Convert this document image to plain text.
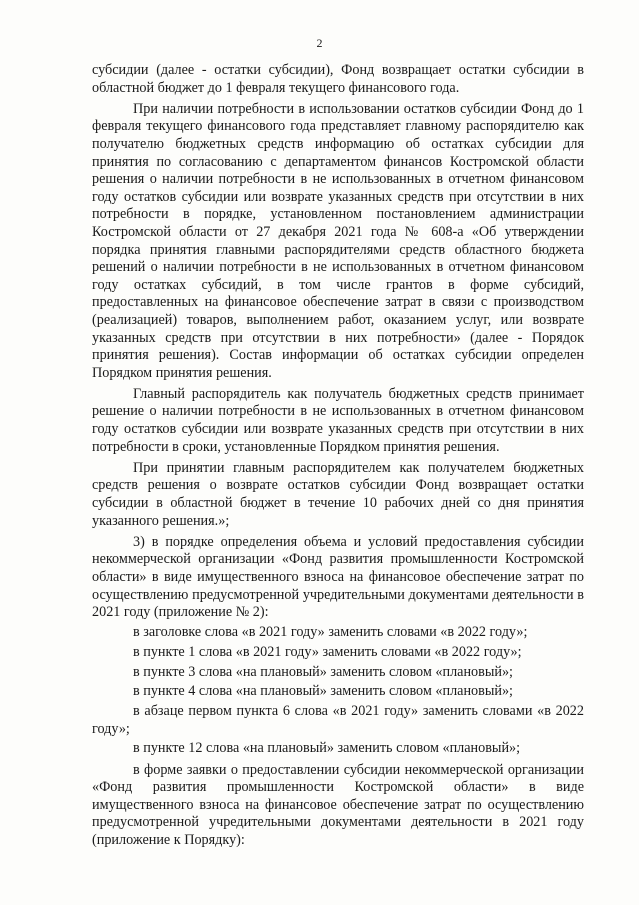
2

субсидии (далее - остатки субсидии), Фонд возвращает остатки субсидии в областной бюджет до 1 февраля текущего финансового года.

При наличии потребности в использовании остатков субсидии Фонд до 1 февраля текущего финансового года представляет главному распорядителю как получателю бюджетных средств информацию об остатках субсидии для принятия по согласованию с департаментом финансов Костромской области решения о наличии потребности в не использованных в отчетном финансовом году остатков субсидии или возврате указанных средств при отсутствии в них потребности в порядке, установленном постановлением администрации Костромской области от 27 декабря 2021 года № 608-а «Об утверждении порядка принятия главными распорядителями средств областного бюджета решений о наличии потребности в не использованных в отчетном финансовом году остатках субсидий, в том числе грантов в форме субсидий, предоставленных на финансовое обеспечение затрат в связи с производством (реализацией) товаров, выполнением работ, оказанием услуг, или возврате указанных средств при отсутствии в них потребности» (далее - Порядок принятия решения). Состав информации об остатках субсидии определен Порядком принятия решения.

Главный распорядитель как получатель бюджетных средств принимает решение о наличии потребности в не использованных в отчетном финансовом году остатков субсидии или возврате указанных средств при отсутствии в них потребности в сроки, установленные Порядком принятия решения.

При принятии главным распорядителем как получателем бюджетных средств решения о возврате остатков субсидии Фонд возвращает остатки субсидии в областной бюджет в течение 10 рабочих дней со дня принятия указанного решения.»;

3) в порядке определения объема и условий предоставления субсидии некоммерческой организации «Фонд развития промышленности Костромской области» в виде имущественного взноса на финансовое обеспечение затрат по осуществлению предусмотренной учредительными документами деятельности в 2021 году (приложение № 2):

в заголовке слова «в 2021 году» заменить словами «в 2022 году»;

в пункте 1 слова «в 2021 году» заменить словами «в 2022 году»;

в пункте 3 слова «на плановый» заменить словом «плановый»;

в пункте 4 слова «на плановый» заменить словом «плановый»;

в абзаце первом пункта 6 слова «в 2021 году» заменить словами «в 2022 году»;

в пункте 12 слова «на плановый» заменить словом «плановый»;

в форме заявки о предоставлении субсидии некоммерческой организации «Фонд развития промышленности Костромской области» в виде имущественного взноса на финансовое обеспечение затрат по осуществлению предусмотренной учредительными документами деятельности в 2021 году (приложение к Порядку):
